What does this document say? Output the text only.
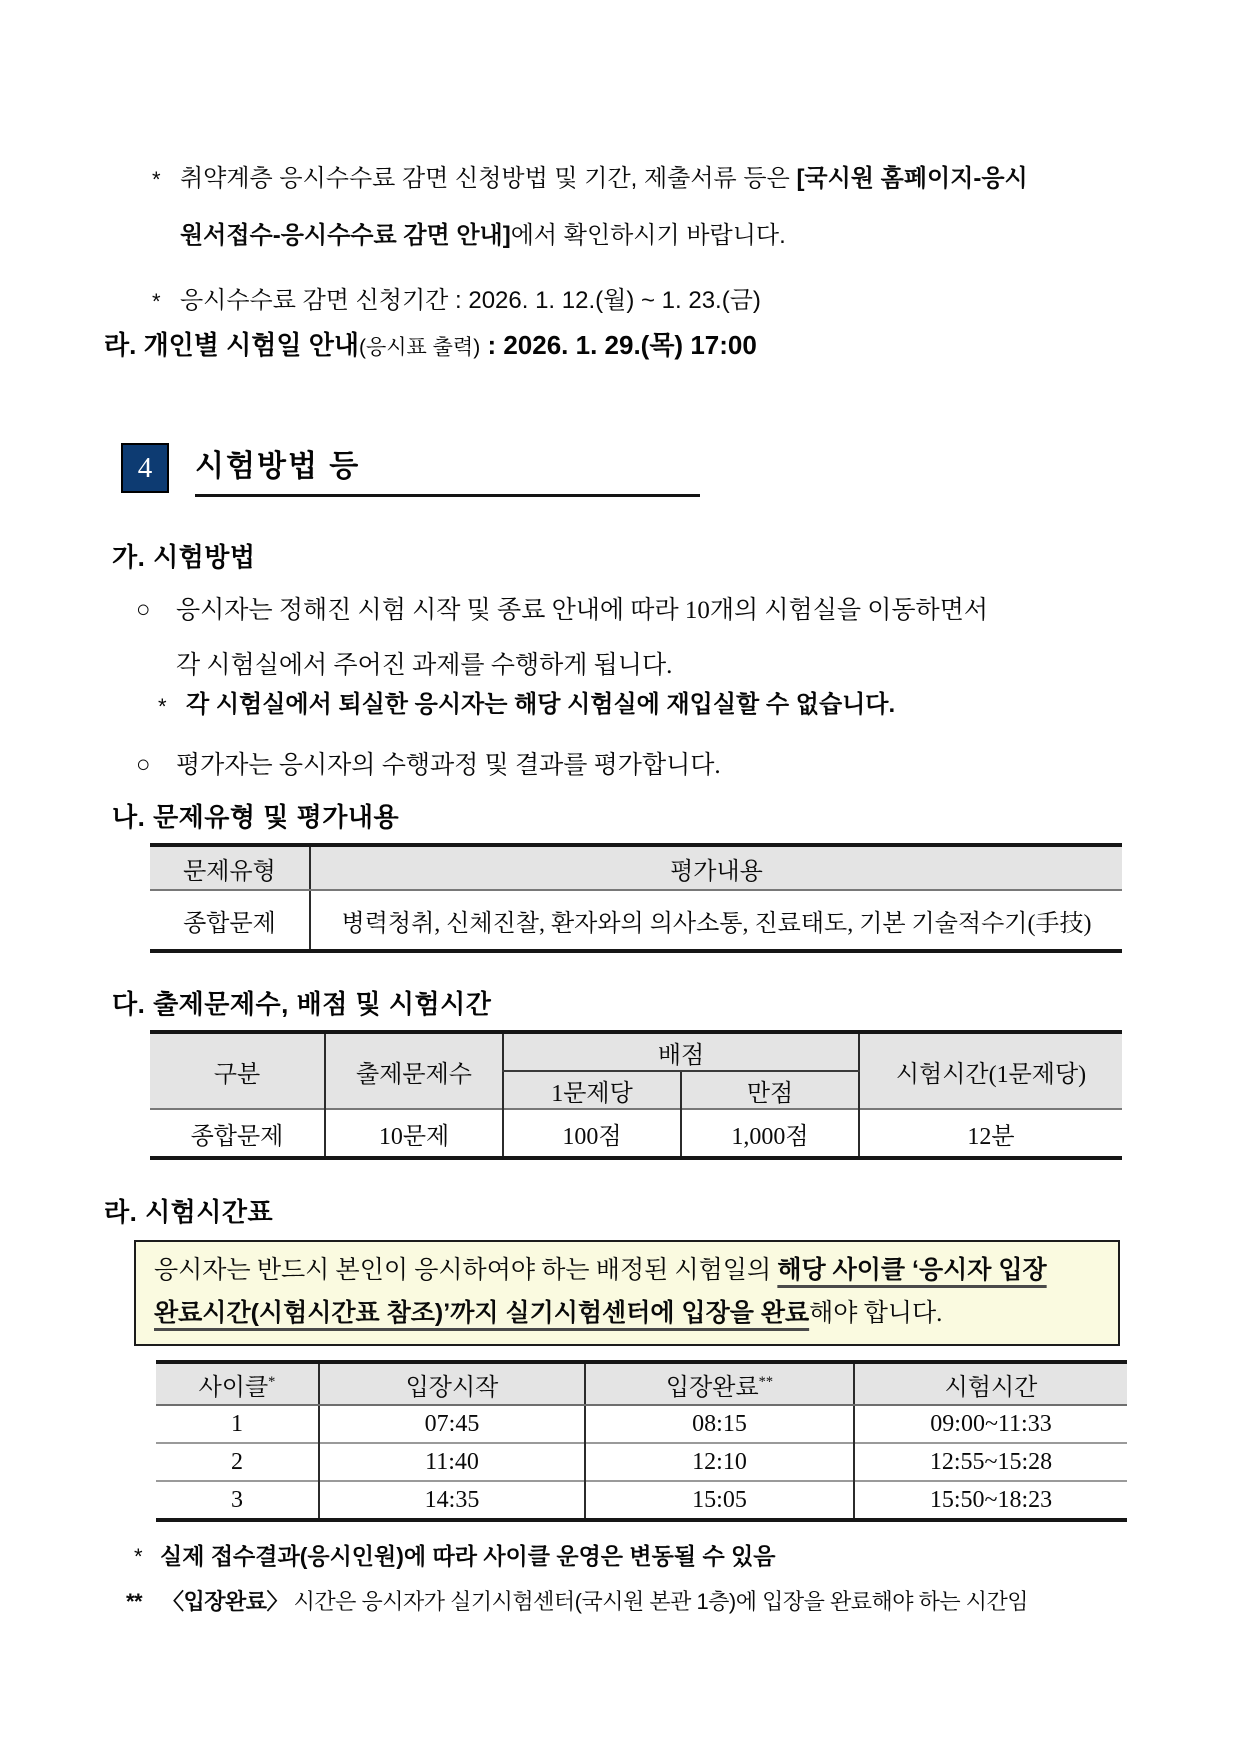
* 취약계층 응시수수료 감면 신청방법 및 기간, 제출서류 등은 [국시원 홈페이지-응시
원서접수-응시수수료 감면 안내]에서 확인하시기 바랍니다.
* 응시수수료 감면 신청기간 : 2026. 1. 12.(월) ~ 1. 23.(금)
라. 개인별 시험일 안내(응시표 출력) : 2026. 1. 29.(목) 17:00
4	시험방법 등
가. 시험방법
○	응시자는 정해진 시험 시작 및 종료 안내에 따라 10개의 시험실을 이동하면서
각 시험실에서 주어진 과제를 수행하게 됩니다.
* 각 시험실에서 퇴실한 응시자는 해당 시험실에 재입실할 수 없습니다.
○	평가자는 응시자의 수행과정 및 결과를 평가합니다.
나. 문제유형 및 평가내용
문제유형	평가내용
종합문제	병력청취, 신체진찰, 환자와의 의사소통, 진료태도, 기본 기술적수기(手技)
다. 출제문제수, 배점 및 시험시간
구분	출제문제수	배점		시험시간(1문제당)
		1문제당	만점	
종합문제	10문제	100점	1,000점	12분
라. 시험시간표
응시자는 반드시 본인이 응시하여야 하는 배정된 시험일의 해당 사이클 ‘응시자 입장
완료시간(시험시간표 참조)’까지 실기시험센터에 입장을 완료해야 합니다.
사이클*	입장시작	입장완료**	시험시간
1	07:45	08:15	09:00~11:33
2	11:40	12:10	12:55~15:28
3	14:35	15:05	15:50~18:23
* 실제 접수결과(응시인원)에 따라 사이클 운영은 변동될 수 있음
** 〈입장완료〉 시간은 응시자가 실기시험센터(국시원 본관 1층)에 입장을 완료해야 하는 시간임
